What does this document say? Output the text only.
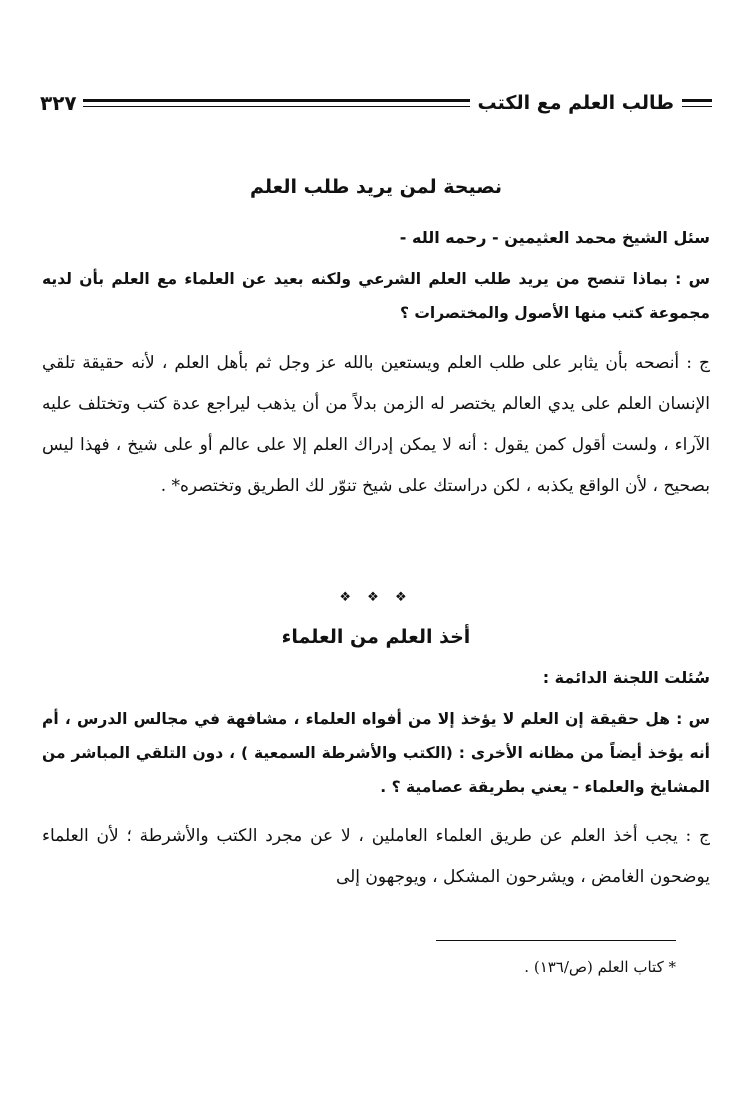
٣٢٧	طالب العلم مع الكتب
نصيحة لمن يريد طلب العلم

سئل الشيخ محمد العثيمين - رحمه الله -

س : بماذا تنصح من يريد طلب العلم الشرعي ولكنه بعيد عن العلماء مع العلم بأن لديه مجموعة كتب منها الأصول والمختصرات ؟

ج : أنصحه بأن يثابر على طلب العلم ويستعين بالله عز وجل ثم بأهل العلم ، لأنه حقيقة تلقي الإنسان العلم على يدي العالم يختصر له الزمن بدلاً من أن يذهب ليراجع عدة كتب وتختلف عليه الآراء ، ولست أقول كمن يقول : أنه لا يمكن إدراك العلم إلا على عالم أو على شيخ ، فهذا ليس بصحيح ، لأن الواقع يكذبه ، لكن دراستك على شيخ تنوّر لك الطريق وتختصره* .

❖ ❖ ❖
أخذ العلم من العلماء

سُئلت اللجنة الدائمة :

س : هل حقيقة إن العلم لا يؤخذ إلا من أفواه العلماء ، مشافهة في مجالس الدرس ، أم أنه يؤخذ أيضاً من مظانه الأخرى : (الكتب والأشرطة السمعية ) ، دون التلقي المباشر من المشايخ والعلماء - يعني بطريقة عصامية ؟ .

ج : يجب أخذ العلم عن طريق العلماء العاملين ، لا عن مجرد الكتب والأشرطة ؛ لأن العلماء يوضحون الغامض ، ويشرحون المشكل ، ويوجهون إلى

* كتاب العلم (ص/١٣٦) .
